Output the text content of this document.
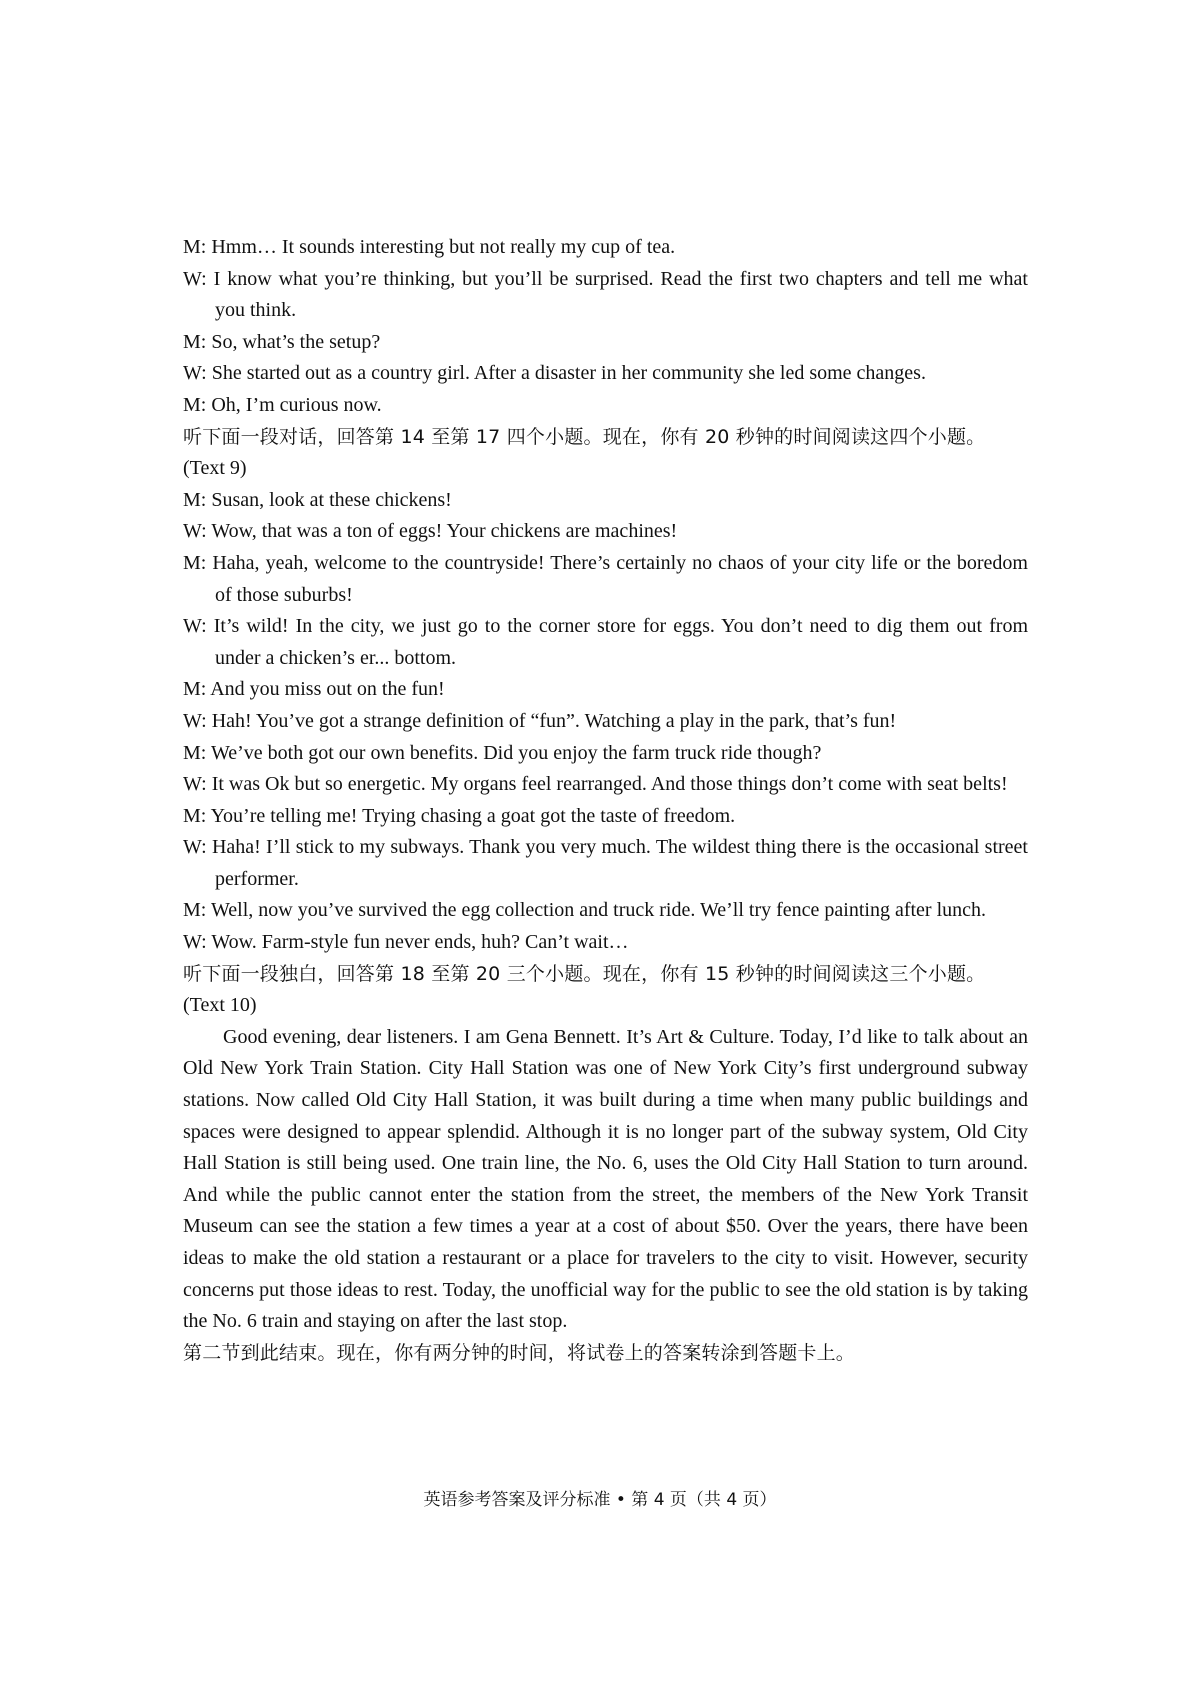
M: Hmm… It sounds interesting but not really my cup of tea.

W: I know what you’re thinking, but you’ll be surprised. Read the first two chapters and tell me what you think.

M: So, what’s the setup?

W: She started out as a country girl. After a disaster in her community she led some changes.

M: Oh, I’m curious now.

听下面一段对话，回答第 14 至第 17 四个小题。现在，你有 20 秒钟的时间阅读这四个小题。

(Text 9)

M: Susan, look at these chickens!

W: Wow, that was a ton of eggs! Your chickens are machines!

M: Haha, yeah, welcome to the countryside! There’s certainly no chaos of your city life or the boredom of those suburbs!

W: It’s wild! In the city, we just go to the corner store for eggs. You don’t need to dig them out from under a chicken’s er... bottom.

M: And you miss out on the fun!

W: Hah! You’ve got a strange definition of “fun”. Watching a play in the park, that’s fun!

M: We’ve both got our own benefits. Did you enjoy the farm truck ride though?

W: It was Ok but so energetic. My organs feel rearranged. And those things don’t come with seat belts!

M: You’re telling me! Trying chasing a goat got the taste of freedom.

W: Haha! I’ll stick to my subways. Thank you very much. The wildest thing there is the occasional street performer.

M: Well, now you’ve survived the egg collection and truck ride. We’ll try fence painting after lunch.

W: Wow. Farm-style fun never ends, huh? Can’t wait…

听下面一段独白，回答第 18 至第 20 三个小题。现在，你有 15 秒钟的时间阅读这三个小题。

(Text 10)

Good evening, dear listeners. I am Gena Bennett. It’s Art & Culture. Today, I’d like to talk about an Old New York Train Station. City Hall Station was one of New York City’s first underground subway stations. Now called Old City Hall Station, it was built during a time when many public buildings and spaces were designed to appear splendid. Although it is no longer part of the subway system, Old City Hall Station is still being used. One train line, the No. 6, uses the Old City Hall Station to turn around. And while the public cannot enter the station from the street, the members of the New York Transit Museum can see the station a few times a year at a cost of about $50. Over the years, there have been ideas to make the old station a restaurant or a place for travelers to the city to visit. However, security concerns put those ideas to rest. Today, the unofficial way for the public to see the old station is by taking the No. 6 train and staying on after the last stop.

第二节到此结束。现在，你有两分钟的时间，将试卷上的答案转涂到答题卡上。

英语参考答案及评分标准 • 第 4 页（共 4 页）
